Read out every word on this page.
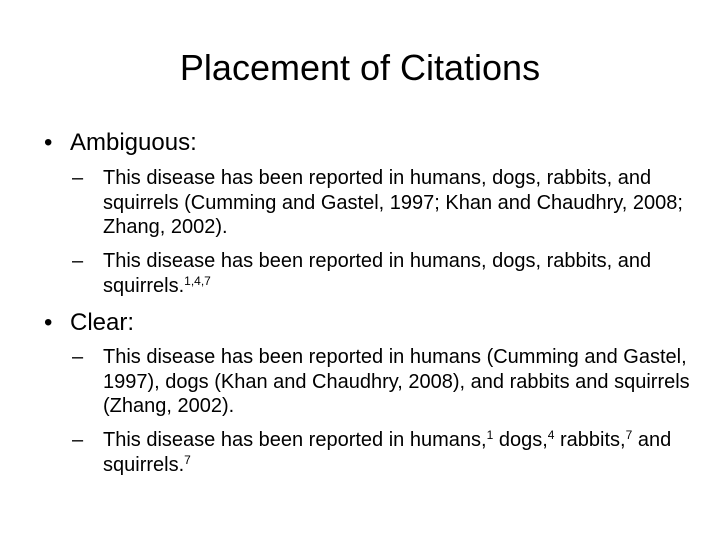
Placement of Citations
• Ambiguous:
– This disease has been reported in humans, dogs, rabbits, and squirrels (Cumming and Gastel, 1997; Khan and Chaudhry, 2008; Zhang, 2002).
– This disease has been reported in humans, dogs, rabbits, and squirrels.$^{1,4,7}$
• Clear:
– This disease has been reported in humans (Cumming and Gastel, 1997), dogs (Khan and Chaudhry, 2008), and rabbits and squirrels (Zhang, 2002).
– This disease has been reported in humans,$^1$ dogs,$^4$ rabbits,$^7$ and squirrels.$^7$
